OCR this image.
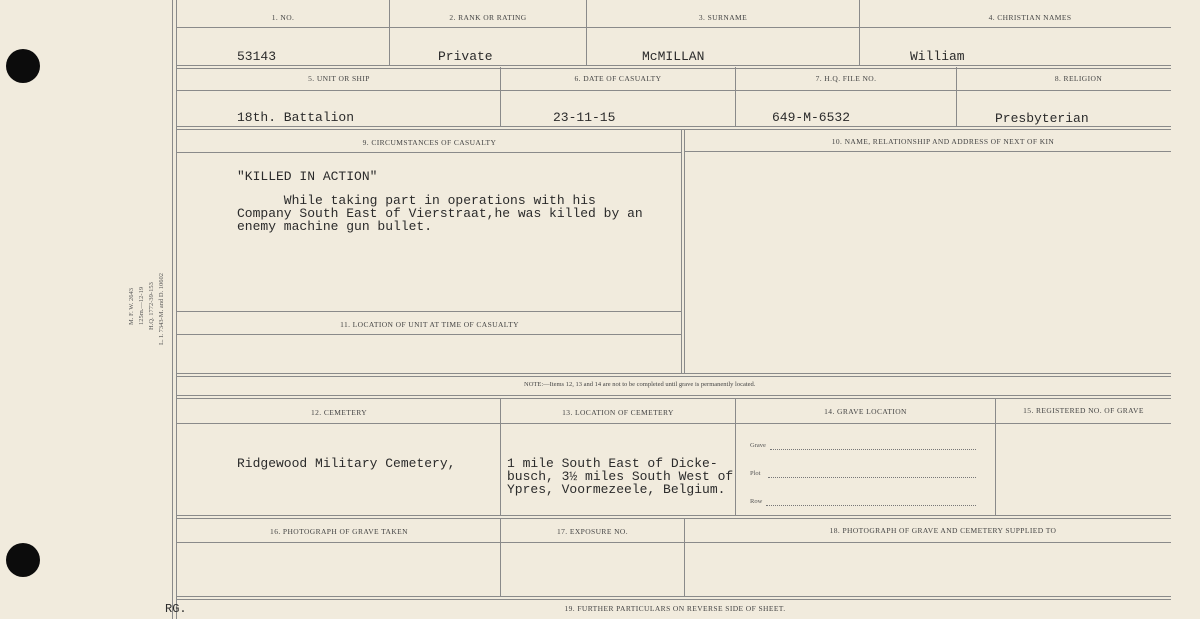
M. F. W. 2643 125m.—12-19 H.Q. 1772-39-153 L. I. 7343-M. and D. 10602
1. NO.	2. RANK OR RATING	3. SURNAME	4. CHRISTIAN NAMES
53143	Private	McMILLAN	William
5. UNIT OR SHIP	6. DATE OF CASUALTY	7. H.Q. FILE NO.	8. RELIGION
18th. Battalion	23-11-15	649-M-6532	Presbyterian
9. CIRCUMSTANCES OF CASUALTY	10. NAME, RELATIONSHIP AND ADDRESS OF NEXT OF KIN
"KILLED IN ACTION"
While taking part in operations with his
Company South East of Vierstraat,he was killed by an
enemy machine gun bullet.
11. LOCATION OF UNIT AT TIME OF CASUALTY
NOTE:—Items 12, 13 and 14 are not to be completed until grave is permanently located.
12. CEMETERY	13. LOCATION OF CEMETERY	14. GRAVE LOCATION	15. REGISTERED NO. OF GRAVE
Ridgewood Military Cemetery,	1 mile South East of Dicke-
busch, 3½ miles South West of
Ypres, Voormezeele, Belgium.
Grave
Plot
Row
16. PHOTOGRAPH OF GRAVE TAKEN	17. EXPOSURE NO.	18. PHOTOGRAPH OF GRAVE AND CEMETERY SUPPLIED TO
19. FURTHER PARTICULARS ON REVERSE SIDE OF SHEET.
RG.
